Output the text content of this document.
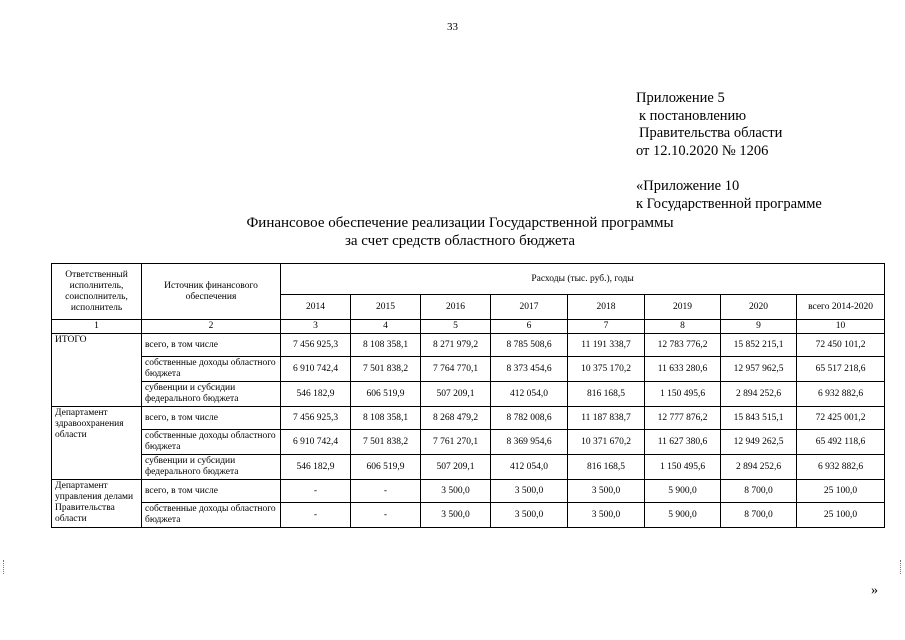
33
Приложение 5
к постановлению
Правительства области
от 12.10.2020 № 1206
«Приложение 10
к Государственной программе
Финансовое обеспечение реализации Государственной программы
за счет средств областного бюджета
Ответственный исполнитель, соисполнитель, исполнитель	Источник финансового обеспечения	Расходы (тыс. руб.), годы							
		2014	2015	2016	2017	2018	2019	2020	всего 2014-2020
1	2	3	4	5	6	7	8	9	10
ИТОГО	всего, в том числе	7 456 925,3	8 108 358,1	8 271 979,2	8 785 508,6	11 191 338,7	12 783 776,2	15 852 215,1	72 450 101,2
	собственные доходы областного бюджета	6 910 742,4	7 501 838,2	7 764 770,1	8 373 454,6	10 375 170,2	11 633 280,6	12 957 962,5	65 517 218,6
	субвенции и субсидии федерального бюджета	546 182,9	606 519,9	507 209,1	412 054,0	816 168,5	1 150 495,6	2 894 252,6	6 932 882,6
Департамент здравоохранения области	всего, в том числе	7 456 925,3	8 108 358,1	8 268 479,2	8 782 008,6	11 187 838,7	12 777 876,2	15 843 515,1	72 425 001,2
	собственные доходы областного бюджета	6 910 742,4	7 501 838,2	7 761 270,1	8 369 954,6	10 371 670,2	11 627 380,6	12 949 262,5	65 492 118,6
	субвенции и субсидии федерального бюджета	546 182,9	606 519,9	507 209,1	412 054,0	816 168,5	1 150 495,6	2 894 252,6	6 932 882,6
Департамент управления делами Правительства области	всего, в том числе	-	-	3 500,0	3 500,0	3 500,0	5 900,0	8 700,0	25 100,0
	собственные доходы областного бюджета	-	-	3 500,0	3 500,0	3 500,0	5 900,0	8 700,0	25 100,0
»
